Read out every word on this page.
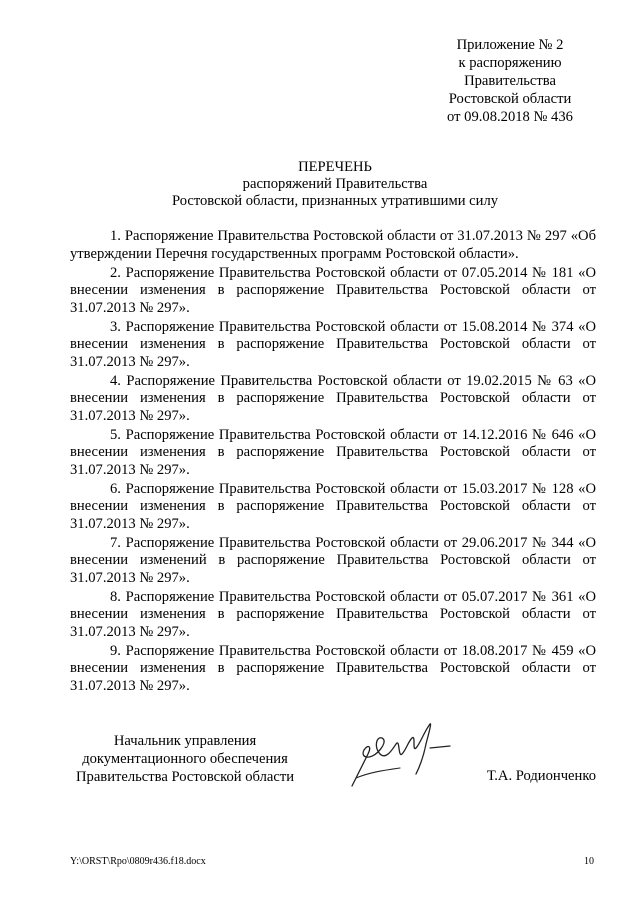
Приложение № 2
к распоряжению
Правительства
Ростовской области
от 09.08.2018 № 436
ПЕРЕЧЕНЬ
распоряжений Правительства
Ростовской области, признанных утратившими силу

1. Распоряжение Правительства Ростовской области от 31.07.2013 № 297 «Об утверждении Перечня государственных программ Ростовской области».

2. Распоряжение Правительства Ростовской области от 07.05.2014 № 181 «О внесении изменения в распоряжение Правительства Ростовской области от 31.07.2013 № 297».

3. Распоряжение Правительства Ростовской области от 15.08.2014 № 374 «О внесении изменения в распоряжение Правительства Ростовской области от 31.07.2013 № 297».

4. Распоряжение Правительства Ростовской области от 19.02.2015 № 63 «О внесении изменения в распоряжение Правительства Ростовской области от 31.07.2013 № 297».

5. Распоряжение Правительства Ростовской области от 14.12.2016 № 646 «О внесении изменения в распоряжение Правительства Ростовской области от 31.07.2013 № 297».

6. Распоряжение Правительства Ростовской области от 15.03.2017 № 128 «О внесении изменения в распоряжение Правительства Ростовской области от 31.07.2013 № 297».

7. Распоряжение Правительства Ростовской области от 29.06.2017 № 344 «О внесении изменений в распоряжение Правительства Ростовской области от 31.07.2013 № 297».

8. Распоряжение Правительства Ростовской области от 05.07.2017 № 361 «О внесении изменения в распоряжение Правительства Ростовской области от 31.07.2013 № 297».

9. Распоряжение Правительства Ростовской области от 18.08.2017 № 459 «О внесении изменения в распоряжение Правительства Ростовской области от 31.07.2013 № 297».

Начальник управления
документационного обеспечения
Правительства Ростовской области	Т.А. Родионченко
Y:\ORST\Rpo\0809r436.f18.docx	10
